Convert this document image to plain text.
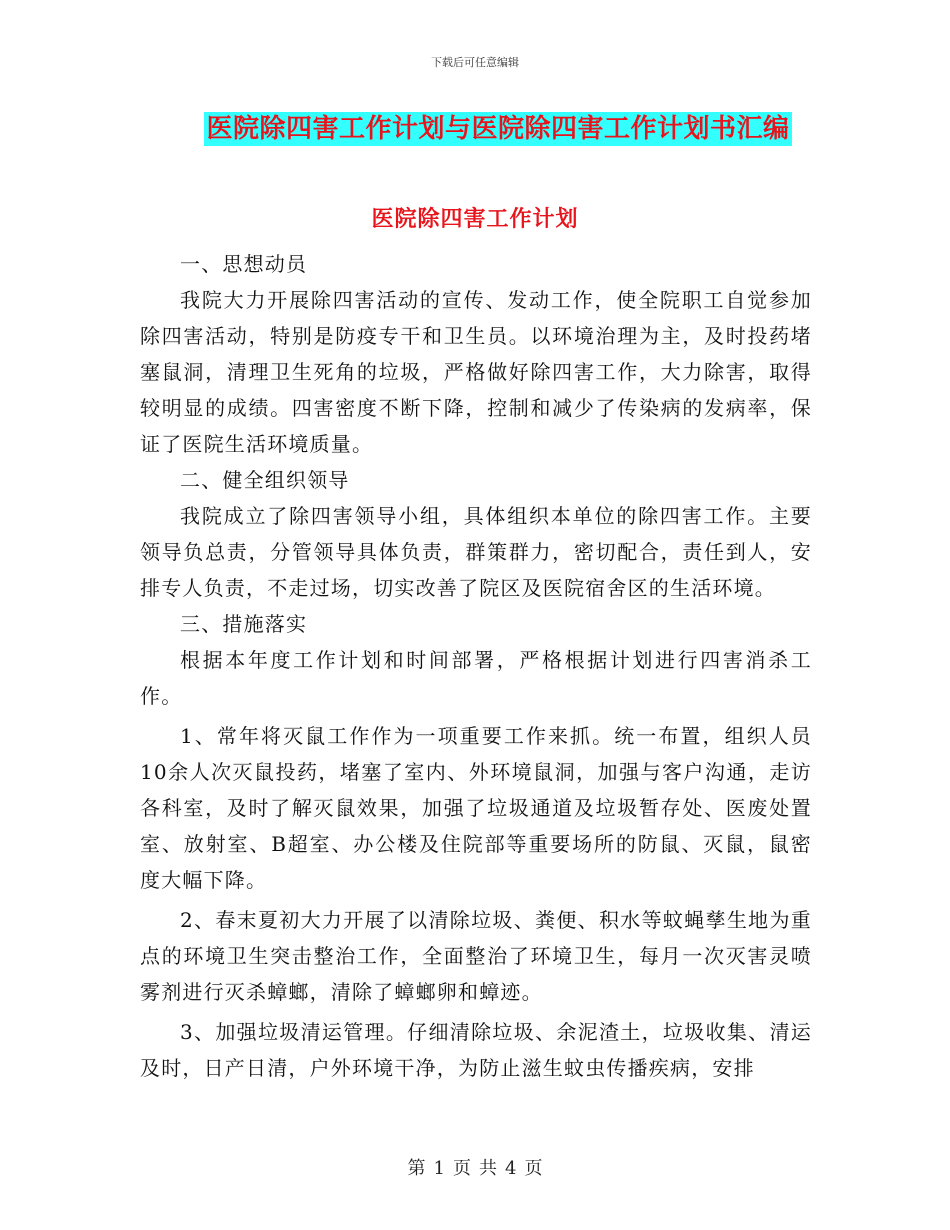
下载后可任意编辑
医院除四害工作计划与医院除四害工作计划书汇编
医院除四害工作计划

一、思想动员

我院大力开展除四害活动的宣传、发动工作，使全院职工自觉参加除四害活动，特别是防疫专干和卫生员。以环境治理为主，及时投药堵塞鼠洞，清理卫生死角的垃圾，严格做好除四害工作，大力除害，取得较明显的成绩。四害密度不断下降，控制和减少了传染病的发病率，保证了医院生活环境质量。

二、健全组织领导

我院成立了除四害领导小组，具体组织本单位的除四害工作。主要领导负总责，分管领导具体负责，群策群力，密切配合，责任到人，安排专人负责，不走过场，切实改善了院区及医院宿舍区的生活环境。

三、措施落实

根据本年度工作计划和时间部署，严格根据计划进行四害消杀工作。

1、常年将灭鼠工作作为一项重要工作来抓。统一布置，组织人员10余人次灭鼠投药，堵塞了室内、外环境鼠洞，加强与客户沟通，走访各科室，及时了解灭鼠效果，加强了垃圾通道及垃圾暂存处、医废处置室、放射室、B超室、办公楼及住院部等重要场所的防鼠、灭鼠，鼠密度大幅下降。

2、春末夏初大力开展了以清除垃圾、粪便、积水等蚊蝇孳生地为重点的环境卫生突击整治工作，全面整治了环境卫生，每月一次灭害灵喷雾剂进行灭杀蟑螂，清除了蟑螂卵和蟑迹。

3、加强垃圾清运管理。仔细清除垃圾、余泥渣土，垃圾收集、清运及时，日产日清，户外环境干净，为防止滋生蚊虫传播疾病，安排

第 1 页 共 4 页
